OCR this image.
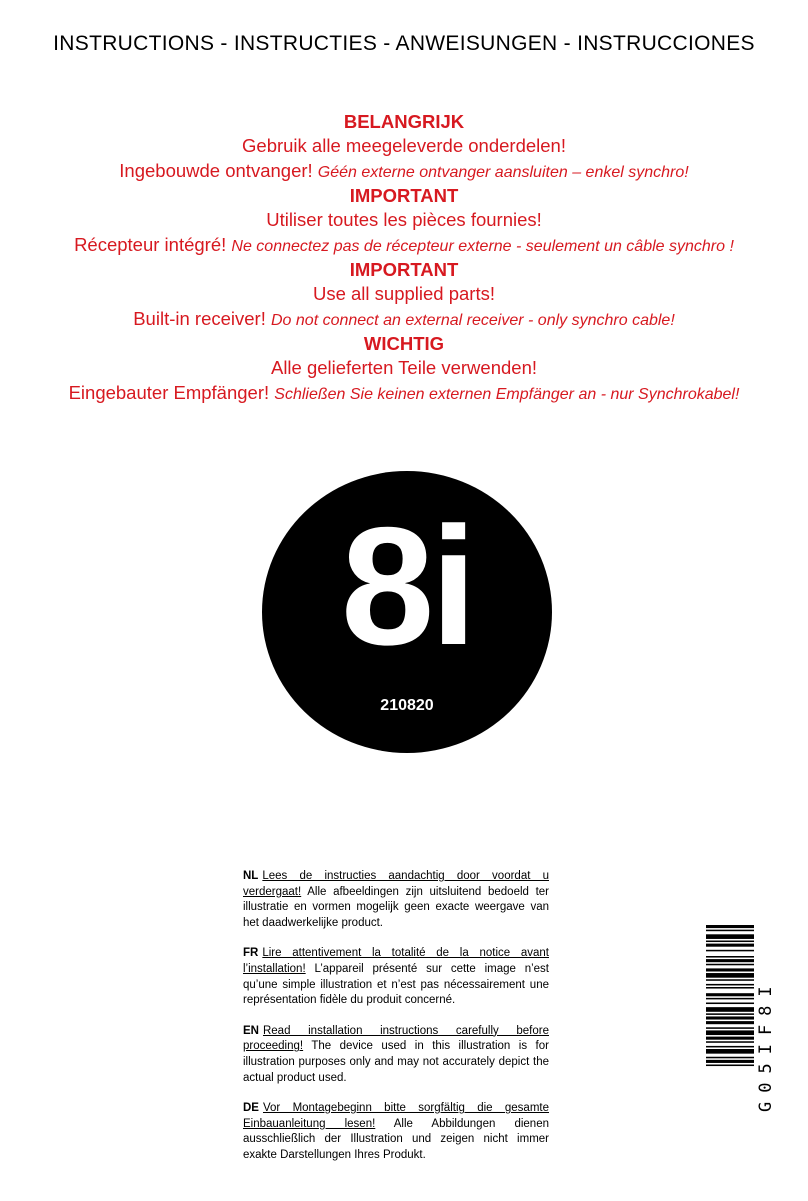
INSTRUCTIONS - INSTRUCTIES - ANWEISUNGEN - INSTRUCCIONES
BELANGRIJK
Gebruik alle meegeleverde onderdelen!
Ingebouwde ontvanger! Géén externe ontvanger aansluiten – enkel synchro!
IMPORTANT
Utiliser toutes les pièces fournies!
Récepteur intégré! Ne connectez pas de récepteur externe - seulement un câble synchro !
IMPORTANT
Use all supplied parts!
Built-in receiver! Do not connect an external receiver - only synchro cable!
WICHTIG
Alle gelieferten Teile verwenden!
Eingebauter Empfänger! Schließen Sie keinen externen Empfänger an - nur Synchrokabel!
8i
210820
NL Lees de instructies aandachtig door voordat u verdergaat! Alle afbeeldingen zijn uitsluitend bedoeld ter illustratie en vormen mogelijk geen exacte weergave van het daadwerkelijke product.
FR Lire attentivement la totalité de la notice avant l’installation! L’appareil présenté sur cette image n’est qu’une simple illustration et n’est pas nécessairement une représentation fidèle du produit concerné.
EN Read installation instructions carefully before proceeding! The device used in this illustration is for illustration purposes only and may not accurately depict the actual product used.
DE Vor Montagebeginn bitte sorgfältig die gesamte Einbauanleitung lesen! Alle Abbildungen dienen ausschließlich der Illustration und zeigen nicht immer exakte Darstellungen Ihres Produkt.
G05IF8I
